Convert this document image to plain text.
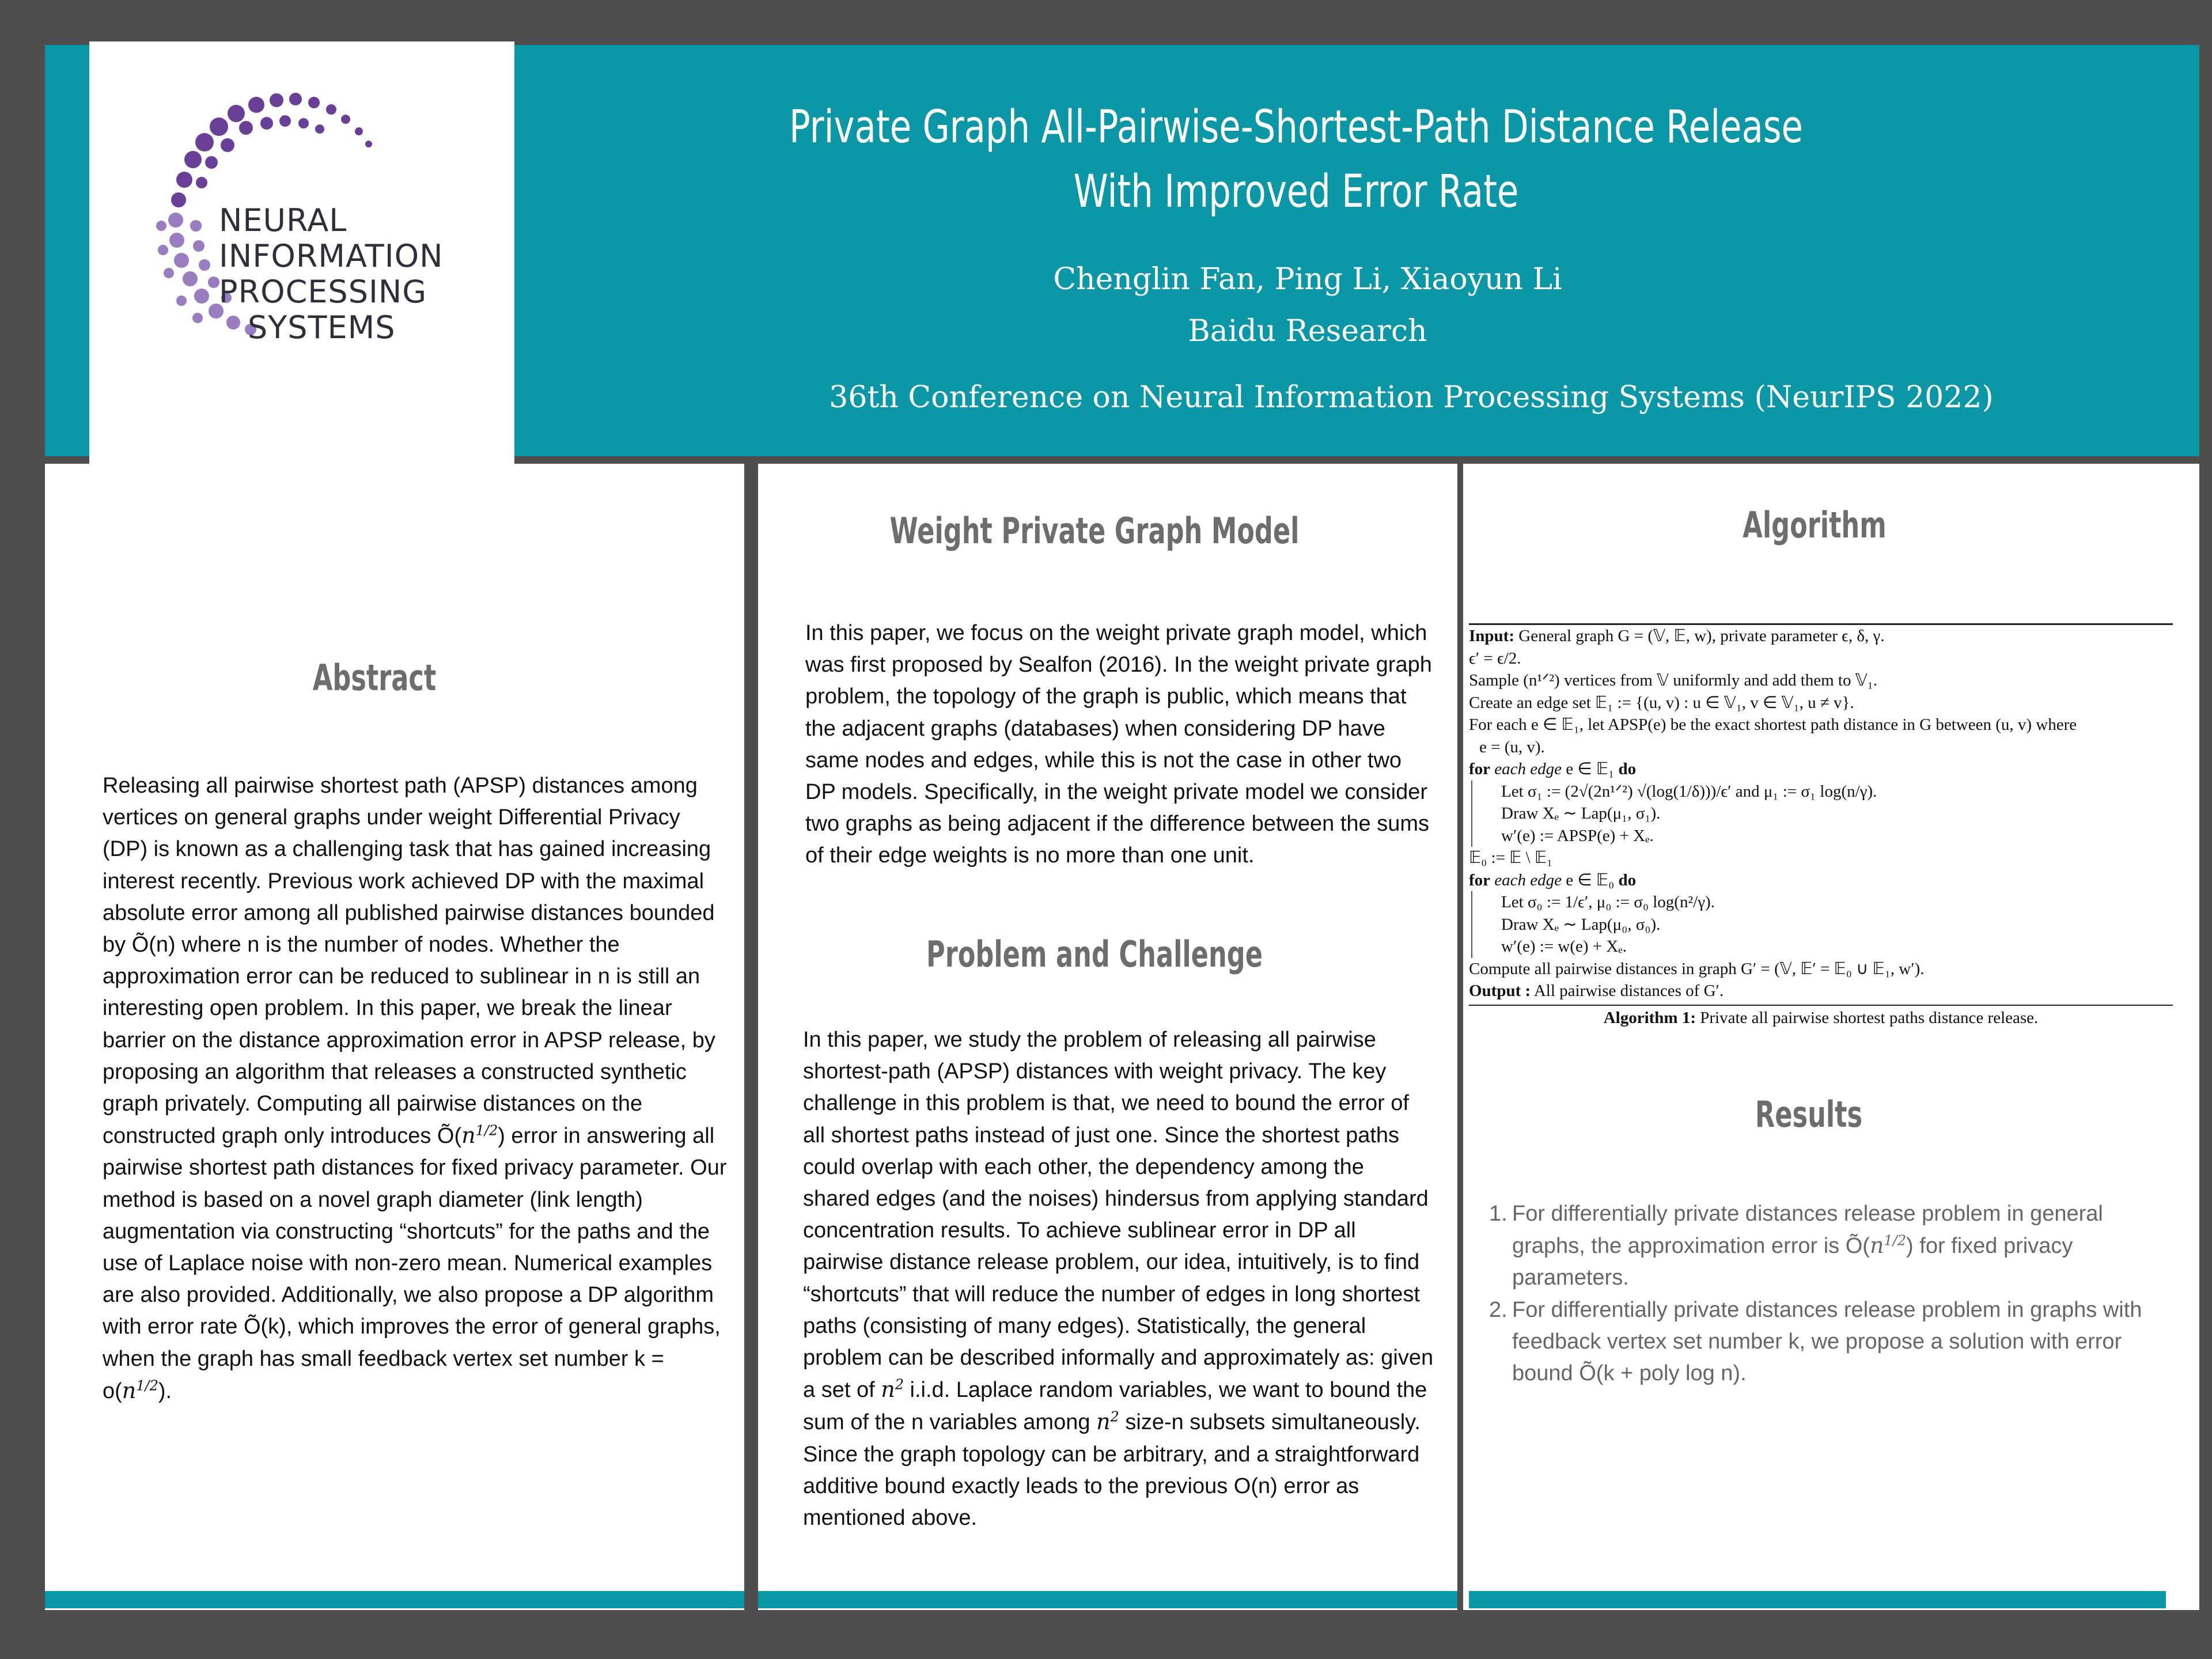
NEURAL
INFORMATION
PROCESSING
SYSTEMS
Private Graph All-Pairwise-Shortest-Path Distance Release
With Improved Error Rate
Chenglin Fan, Ping Li, Xiaoyun Li
Baidu Research
36th Conference on Neural Information Processing Systems (NeurIPS 2022)
Abstract
Releasing all pairwise shortest path (APSP) distances among vertices on general graphs under weight Differential Privacy (DP) is known as a challenging task that has gained increasing interest recently. Previous work achieved DP with the maximal absolute error among all published pairwise distances bounded by Õ(n) where n is the number of nodes. Whether the approximation error can be reduced to sublinear in n is still an interesting open problem. In this paper, we break the linear barrier on the distance approximation error in APSP release, by proposing an algorithm that releases a constructed synthetic graph privately. Computing all pairwise distances on the constructed graph only introduces $Õ(n^{1/2})$ error in answering all pairwise shortest path distances for fixed privacy parameter. Our method is based on a novel graph diameter (link length) augmentation via constructing “shortcuts” for the paths and the use of Laplace noise with non-zero mean. Numerical examples are also provided. Additionally, we also propose a DP algorithm with error rate Õ(k), which improves the error of general graphs, when the graph has small feedback vertex set number $k = o(n^{1/2})$.
Weight Private Graph Model
In this paper, we focus on the weight private graph model, which was first proposed by Sealfon (2016). In the weight private graph problem, the topology of the graph is public, which means that the adjacent graphs (databases) when considering DP have same nodes and edges, while this is not the case in other two DP models. Specifically, in the weight private model we consider two graphs as being adjacent if the difference between the sums of their edge weights is no more than one unit.
Problem and Challenge
In this paper, we study the problem of releasing all pairwise shortest-path (APSP) distances with weight privacy. The key challenge in this problem is that, we need to bound the error of all shortest paths instead of just one. Since the shortest paths could overlap with each other, the dependency among the shared edges (and the noises) hindersus from applying standard concentration results. To achieve sublinear error in DP all pairwise distance release problem, our idea, intuitively, is to find “shortcuts” that will reduce the number of edges in long shortest paths (consisting of many edges). Statistically, the general problem can be described informally and approximately as: given a set of $n^2$ i.i.d. Laplace random variables, we want to bound the sum of the n variables among $n^2$ size-n subsets simultaneously. Since the graph topology can be arbitrary, and a straightforward additive bound exactly leads to the previous O(n) error as mentioned above.
Algorithm
Input: General graph G = (𝕍, 𝔼, w), private parameter ϵ, δ, γ.
ϵ′ = ϵ/2.
Sample (n¹ᐟ²) vertices from 𝕍 uniformly and add them to 𝕍₁.
Create an edge set 𝔼₁ := {(u, v) : u ∈ 𝕍₁, v ∈ 𝕍₁, u ≠ v}.
For each e ∈ 𝔼₁, let APSP(e) be the exact shortest path distance in G between (u, v) where
e = (u, v).
for each edge e ∈ 𝔼₁ do
Let σ₁ := (2√(2n¹ᐟ²) √(log(1/δ)))/ϵ′ and μ₁ := σ₁ log(n/γ).
Draw Xₑ ∼ Lap(μ₁, σ₁).
w′(e) := APSP(e) + Xₑ.
𝔼₀ := 𝔼 \ 𝔼₁
for each edge e ∈ 𝔼₀ do
Let σ₀ := 1/ϵ′, μ₀ := σ₀ log(n²/γ).
Draw Xₑ ∼ Lap(μ₀, σ₀).
w′(e) := w(e) + Xₑ.
Compute all pairwise distances in graph G′ = (𝕍, 𝔼′ = 𝔼₀ ∪ 𝔼₁, w′).
Output : All pairwise distances of G′.
Algorithm 1: Private all pairwise shortest paths distance release.
Results
1. For differentially private distances release problem in general graphs, the approximation error is $Õ(n^{1/2})$ for fixed privacy parameters.
2. For differentially private distances release problem in graphs with feedback vertex set number k, we propose a solution with error bound Õ(k + poly log n).
